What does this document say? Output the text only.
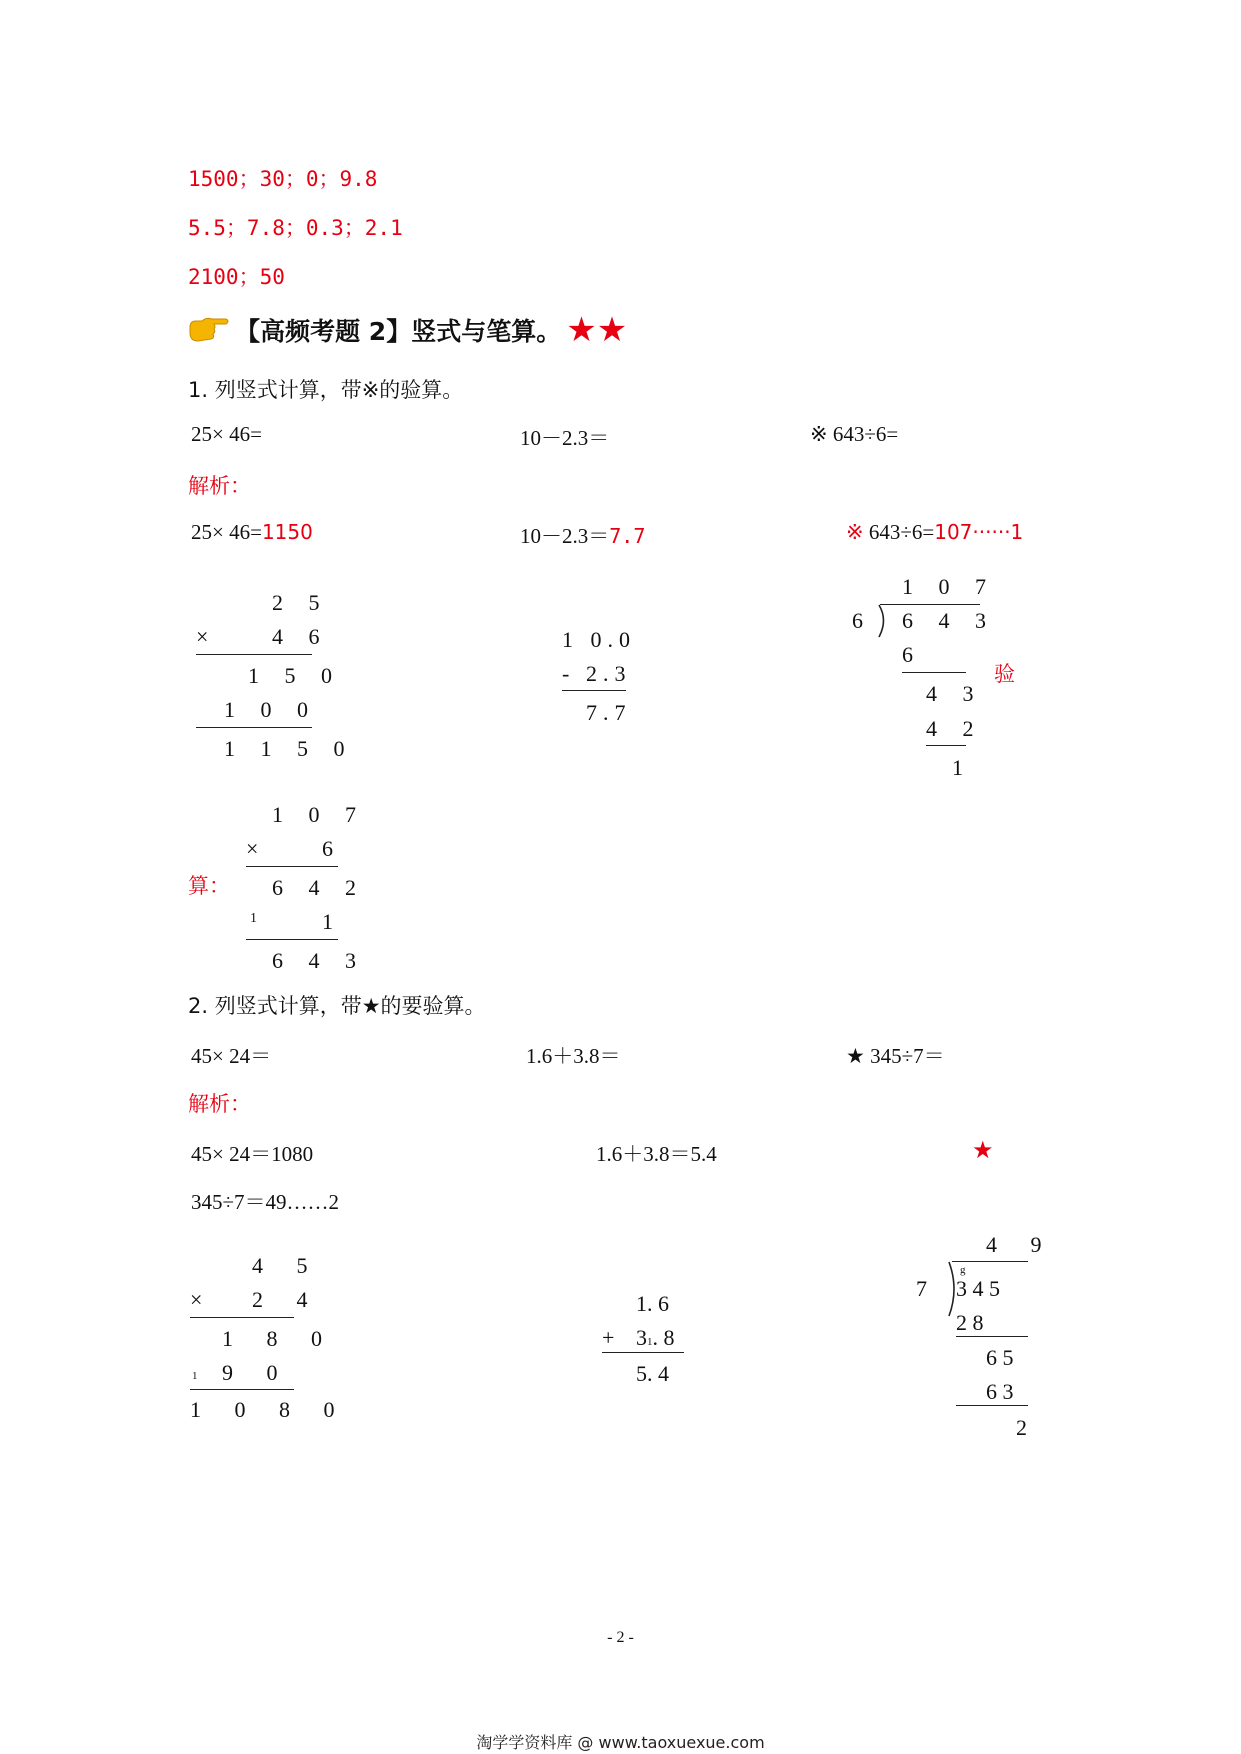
1500；30；0；9.8
5.5；7.8；0.3；2.1
2100；50
【高频考题 2】竖式与笔算。 ★★
1. 列竖式计算，带※的验算。
25× 46=	10－2.3＝	※ 643÷6=
解析：
25× 46=1150	10－2.3＝7.7	※ 643÷6=107······1
2 5
×	4 6
1 5 0
1 0 0
1 1 5 0
1 0.0
- 2.3
7.7
1 0 7
6 6 4 3
6
4 3
4 2
1
验
算：
1 0 7
×	6
6 4 2
1	1
6 4 3
2. 列竖式计算，带★的要验算。
45× 24＝	1.6＋3.8＝	★ 345÷7＝
解析：
45× 24＝1080	1.6＋3.8＝5.4	★
345÷7＝49……2
4 5
× 2 4
1 8 0
1 9 0
1 0 8 0
1. 6
+ 31. 8
5. 4
4 9
7
g
3 4 5
2 8
6 5
6 3
2
- 2 -
淘学学资料库 @ www.taoxuexue.com
